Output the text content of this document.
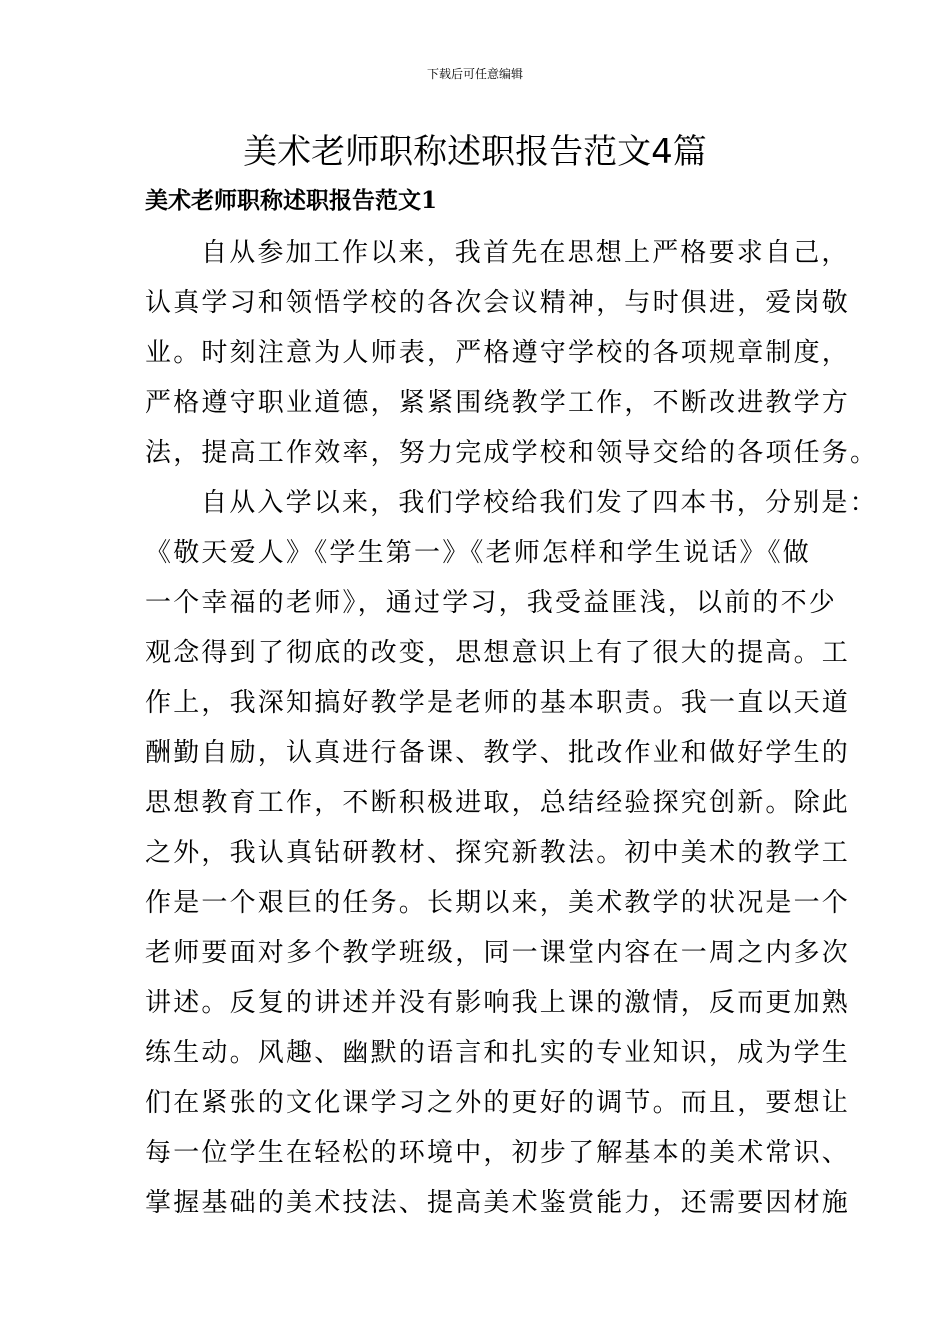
下载后可任意编辑
美术老师职称述职报告范文4篇
美术老师职称述职报告范文1

自从参加工作以来，我首先在思想上严格要求自己，
认真学习和领悟学校的各次会议精神，与时俱进，爱岗敬
业。时刻注意为人师表，严格遵守学校的各项规章制度，
严格遵守职业道德，紧紧围绕教学工作，不断改进教学方
法，提高工作效率，努力完成学校和领导交给的各项任务。

自从入学以来，我们学校给我们发了四本书，分别是：
《敬天爱人》《学生第一》《老师怎样和学生说话》《做
一个幸福的老师》，通过学习，我受益匪浅，以前的不少
观念得到了彻底的改变，思想意识上有了很大的提高。工
作上，我深知搞好教学是老师的基本职责。我一直以天道
酬勤自励，认真进行备课、教学、批改作业和做好学生的
思想教育工作，不断积极进取，总结经验探究创新。除此
之外，我认真钻研教材、探究新教法。初中美术的教学工
作是一个艰巨的任务。长期以来，美术教学的状况是一个
老师要面对多个教学班级，同一课堂内容在一周之内多次
讲述。反复的讲述并没有影响我上课的激情，反而更加熟
练生动。风趣、幽默的语言和扎实的专业知识，成为学生
们在紧张的文化课学习之外的更好的调节。而且，要想让
每一位学生在轻松的环境中，初步了解基本的美术常识、
掌握基础的美术技法、提高美术鉴赏能力，还需要因材施
